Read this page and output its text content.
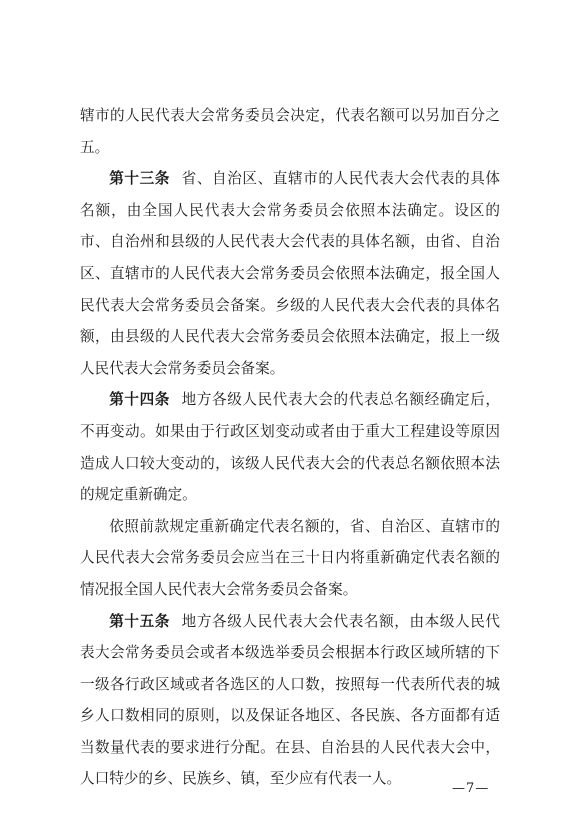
辖市的人民代表大会常务委员会决定，代表名额可以另加百分之五。

第十三条 省、自治区、直辖市的人民代表大会代表的具体名额，由全国人民代表大会常务委员会依照本法确定。设区的市、自治州和县级的人民代表大会代表的具体名额，由省、自治区、直辖市的人民代表大会常务委员会依照本法确定，报全国人民代表大会常务委员会备案。乡级的人民代表大会代表的具体名额，由县级的人民代表大会常务委员会依照本法确定，报上一级人民代表大会常务委员会备案。

第十四条 地方各级人民代表大会的代表总名额经确定后，不再变动。如果由于行政区划变动或者由于重大工程建设等原因造成人口较大变动的，该级人民代表大会的代表总名额依照本法的规定重新确定。

依照前款规定重新确定代表名额的，省、自治区、直辖市的人民代表大会常务委员会应当在三十日内将重新确定代表名额的情况报全国人民代表大会常务委员会备案。

第十五条 地方各级人民代表大会代表名额，由本级人民代表大会常务委员会或者本级选举委员会根据本行政区域所辖的下一级各行政区域或者各选区的人口数，按照每一代表所代表的城乡人口数相同的原则，以及保证各地区、各民族、各方面都有适当数量代表的要求进行分配。在县、自治县的人民代表大会中，人口特少的乡、民族乡、镇，至少应有代表一人。

—7—
